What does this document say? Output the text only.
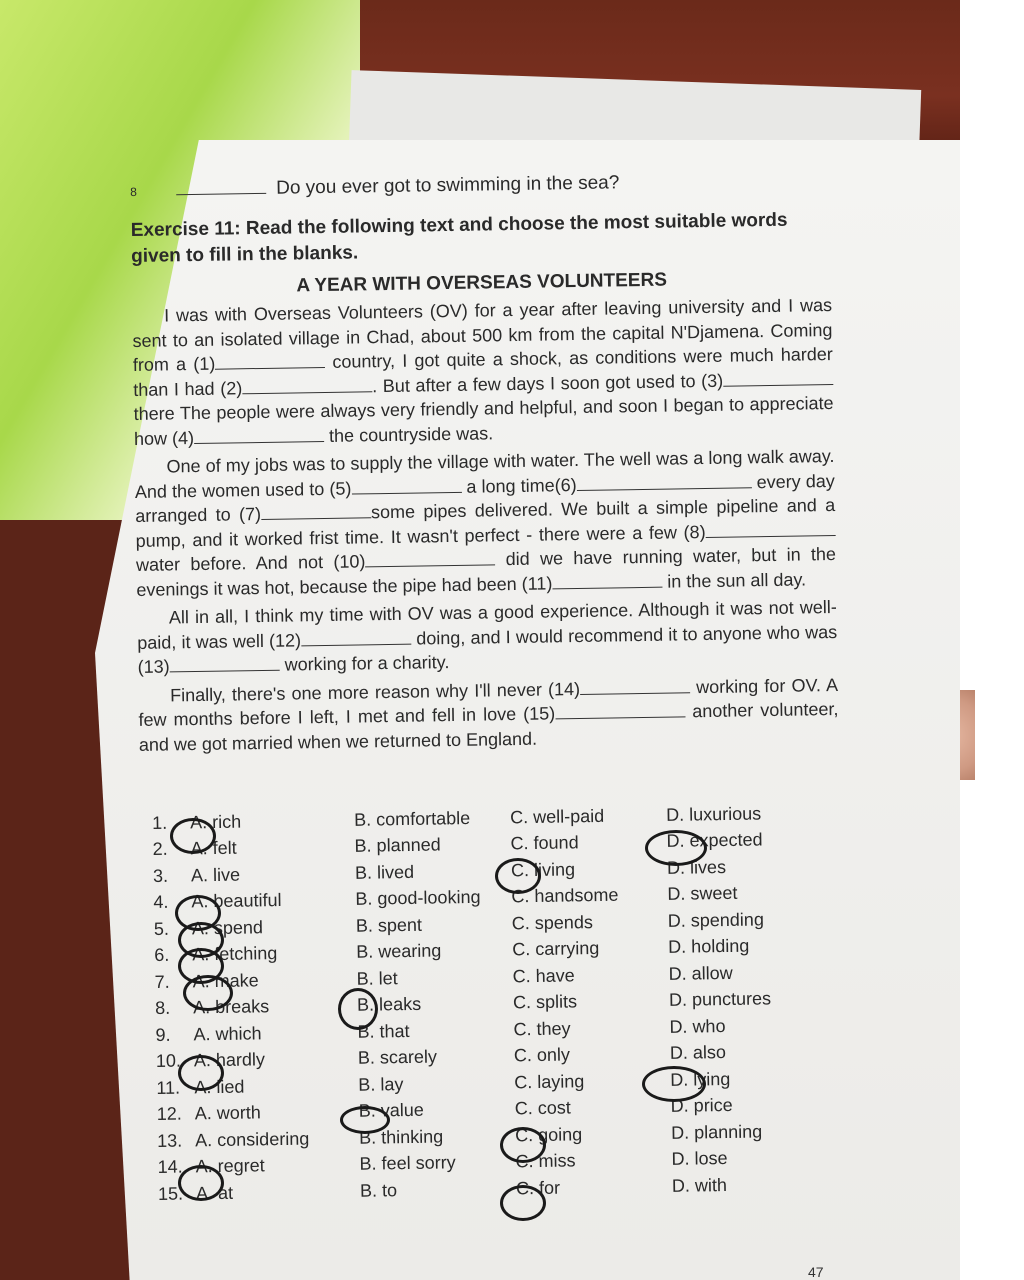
8	Do you ever got to swimming in the sea?
Exercise 11: Read the following text and choose the most suitable words given to fill in the blanks.
A YEAR WITH OVERSEAS VOLUNTEERS
I was with Overseas Volunteers (OV) for a year after leaving university and I was sent to an isolated village in Chad, about 500 km from the capital N'Djamena. Coming from a (1)	country, I got quite a shock, as conditions were much harder than I had (2)	. But after a few days I soon got used to (3) there The people were always very friendly and helpful, and soon I began to appreciate how (4)	the countryside was.
One of my jobs was to supply the village with water. The well was a long walk away. And the women used to (5)	a long time(6)	every day arranged to (7)	some pipes delivered. We built a simple pipeline and a pump, and it worked frist time. It wasn't perfect - there were a few (8) water before. And not (10)	did we have running water, but in the evenings it was hot, because the pipe had been (11)	in the sun all day.
All in all, I think my time with OV was a good experience. Although it was not well-paid, it was well (12)	doing, and I would recommend it to anyone who was (13)	working for a charity.
Finally, there's one more reason why I'll never (14)	working for OV. A few months before I left, I met and fell in love (15)	another volunteer, and we got married when we returned to England.
1.	A. rich	B. comfortable	C. well-paid	D. luxurious
2.	A. felt	B. planned	C. found	D. expected
3.	A. live	B. lived	C. living	D. lives
4.	A. beautiful	B. good-looking	C. handsome	D. sweet
5.	A. spend	B. spent	C. spends	D. spending
6.	A. fetching	B. wearing	C. carrying	D. holding
7.	A. make	B. let	C. have	D. allow
8.	A. breaks	B. leaks	C. splits	D. punctures
9.	A. which	B. that	C. they	D. who
10. A. hardly	B. scarely	C. only	D. also
11. A. lied	B. lay	C. laying	D. lying
12. A. worth	B. value	C. cost	D. price
13. A. considering	B. thinking	C. going	D. planning
14. A. regret	B. feel sorry	C. miss	D. lose
15. A. at	B. to	C. for	D. with
47
